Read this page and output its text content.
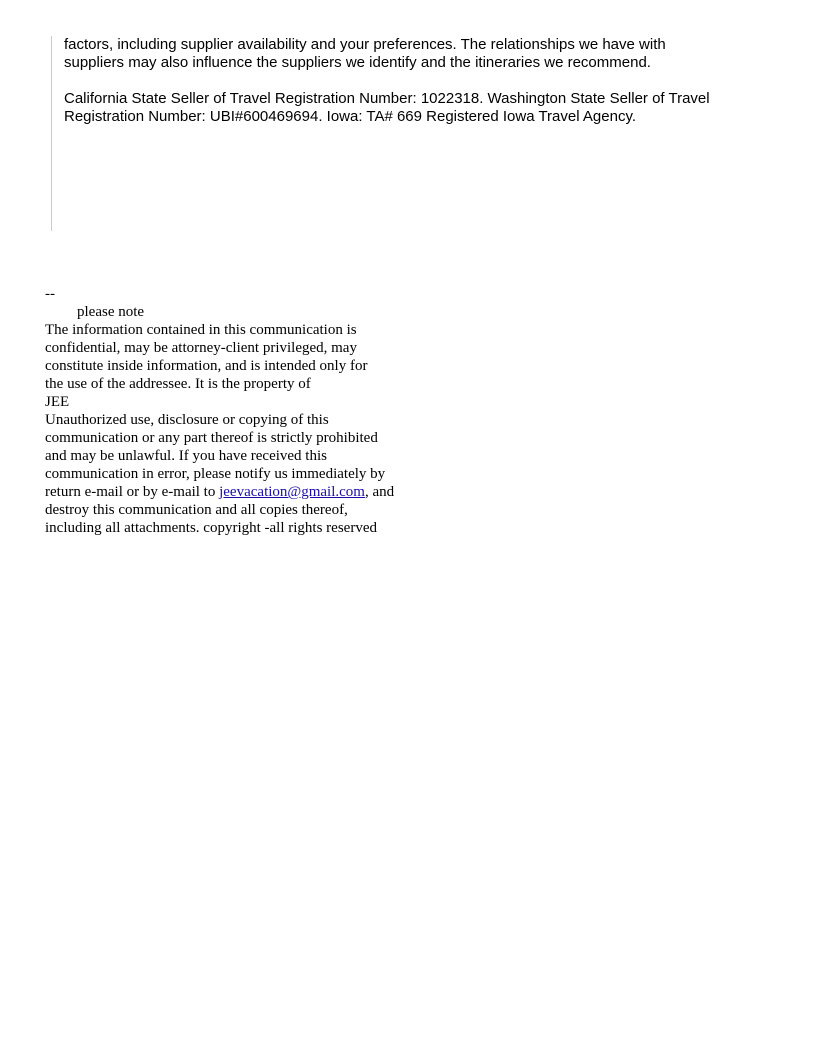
factors, including supplier availability and your preferences. The relationships we have with
suppliers may also influence the suppliers we identify and the itineraries we recommend.

California State Seller of Travel Registration Number: 1022318. Washington State Seller of Travel
Registration Number: UBI#600469694. Iowa: TA# 669 Registered Iowa Travel Agency.

--
please note
The information contained in this communication is
confidential, may be attorney-client privileged, may
constitute inside information, and is intended only for
the use of the addressee. It is the property of
JEE
Unauthorized use, disclosure or copying of this
communication or any part thereof is strictly prohibited
and may be unlawful. If you have received this
communication in error, please notify us immediately by
return e-mail or by e-mail to jeevacation@gmail.com, and
destroy this communication and all copies thereof,
including all attachments. copyright -all rights reserved
